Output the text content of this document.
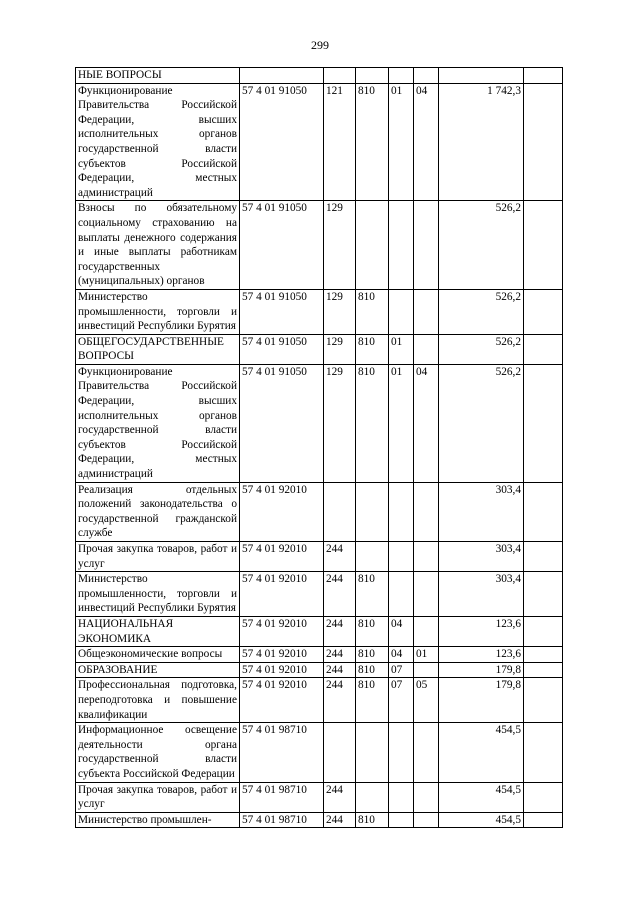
299
НЫЕ ВОПРОСЫ							
Функционирование Правительства Российской Федерации, высших исполнительных органов государственной власти субъектов Российской Федерации, местных администраций	57 4 01 91050	121	810	01	04	1 742,3	
Взносы по обязательному социальному страхованию на выплаты денежного содержания и иные выплаты работникам государственных (муниципальных) органов	57 4 01 91050	129				526,2	
Министерство промышленности, торговли и инвестиций Республики Бурятия	57 4 01 91050	129	810			526,2	
ОБЩЕГОСУДАРСТВЕННЫЕ ВОПРОСЫ	57 4 01 91050	129	810	01		526,2	
Функционирование Правительства Российской Федерации, высших исполнительных органов государственной власти субъектов Российской Федерации, местных администраций	57 4 01 91050	129	810	01	04	526,2	
Реализация отдельных положений законодательства о государственной гражданской службе	57 4 01 92010					303,4	
Прочая закупка товаров, работ и услуг	57 4 01 92010	244				303,4	
Министерство промышленности, торговли и инвестиций Республики Бурятия	57 4 01 92010	244	810			303,4	
НАЦИОНАЛЬНАЯ ЭКОНОМИКА	57 4 01 92010	244	810	04		123,6	
Общеэкономические вопросы	57 4 01 92010	244	810	04	01	123,6	
ОБРАЗОВАНИЕ	57 4 01 92010	244	810	07		179,8	
Профессиональная подготовка, переподготовка и повышение квалификации	57 4 01 92010	244	810	07	05	179,8	
Информационное освещение деятельности органа государственной власти субъекта Российской Федерации	57 4 01 98710					454,5	
Прочая закупка товаров, работ и услуг	57 4 01 98710	244				454,5	
Министерство промышлен-	57 4 01 98710	244	810			454,5	
